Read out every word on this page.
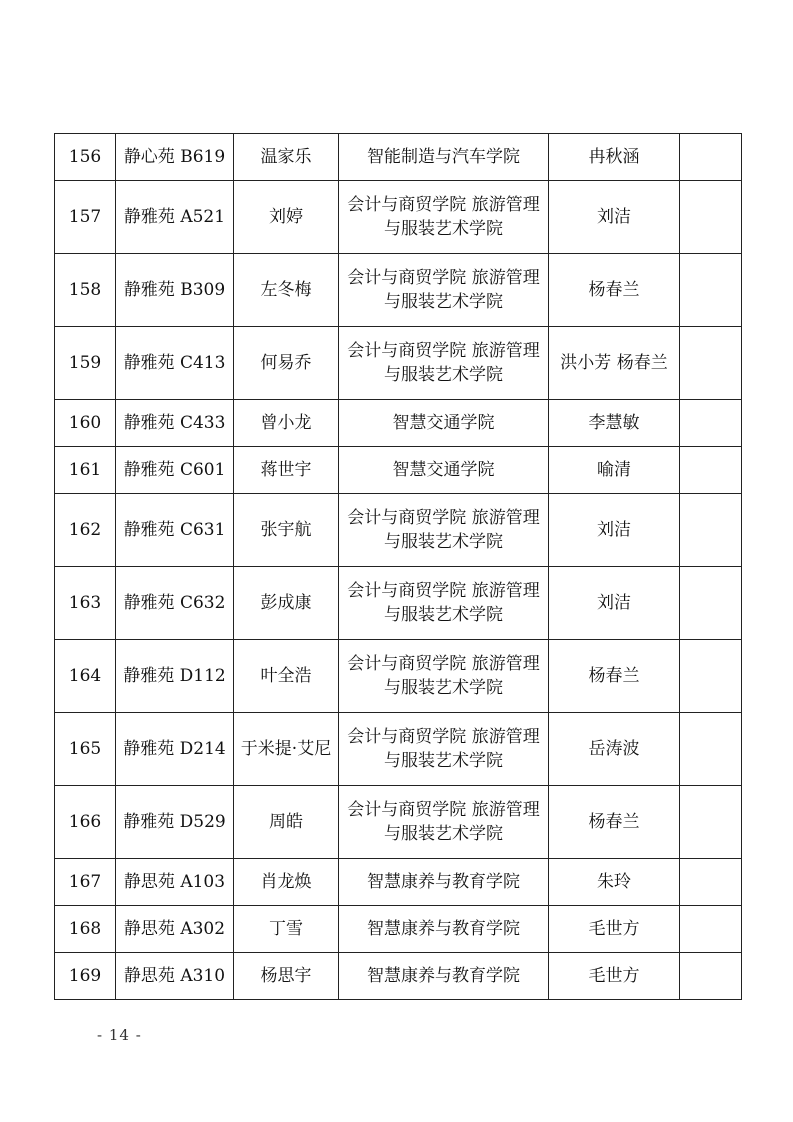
156	静心苑 B619	温家乐	智能制造与汽车学院	冉秋涵	
157	静雅苑 A521	刘婷	会计与商贸学院 旅游管理与服装艺术学院	刘洁	
158	静雅苑 B309	左冬梅	会计与商贸学院 旅游管理与服装艺术学院	杨春兰	
159	静雅苑 C413	何易乔	会计与商贸学院 旅游管理与服装艺术学院	洪小芳 杨春兰	
160	静雅苑 C433	曾小龙	智慧交通学院	李慧敏	
161	静雅苑 C601	蒋世宇	智慧交通学院	喻清	
162	静雅苑 C631	张宇航	会计与商贸学院 旅游管理与服装艺术学院	刘洁	
163	静雅苑 C632	彭成康	会计与商贸学院 旅游管理与服装艺术学院	刘洁	
164	静雅苑 D112	叶全浩	会计与商贸学院 旅游管理与服装艺术学院	杨春兰	
165	静雅苑 D214	于米提·艾尼	会计与商贸学院 旅游管理与服装艺术学院	岳涛波	
166	静雅苑 D529	周皓	会计与商贸学院 旅游管理与服装艺术学院	杨春兰	
167	静思苑 A103	肖龙焕	智慧康养与教育学院	朱玲	
168	静思苑 A302	丁雪	智慧康养与教育学院	毛世方	
169	静思苑 A310	杨思宇	智慧康养与教育学院	毛世方	
- 14 -
